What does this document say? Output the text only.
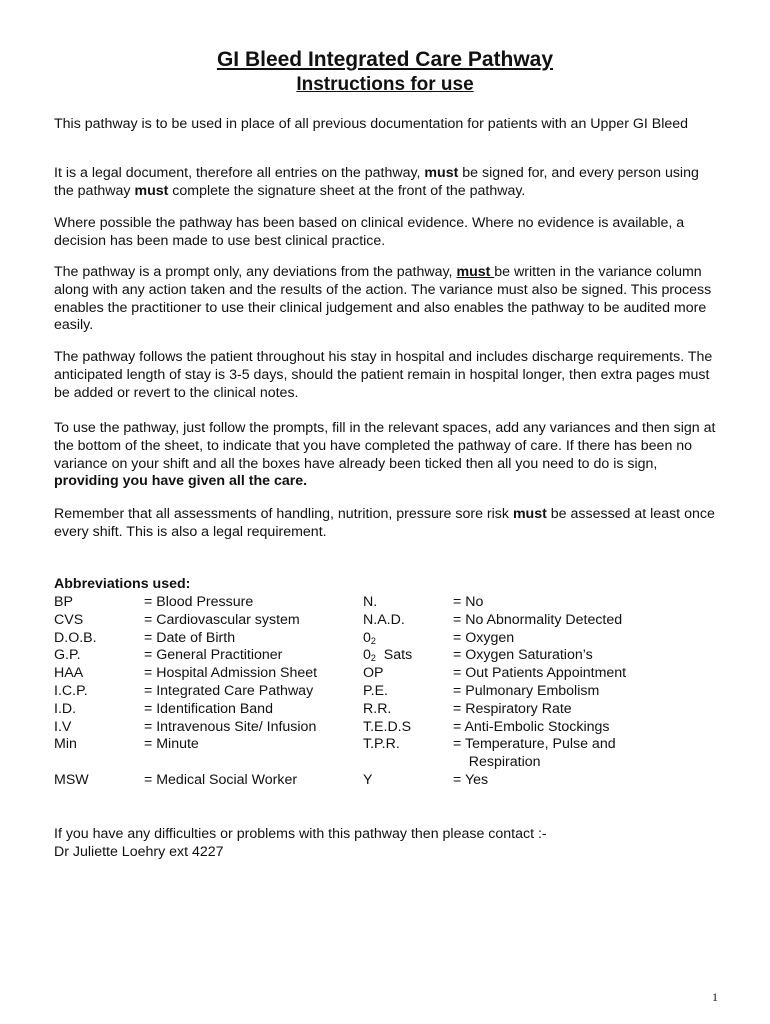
GI Bleed Integrated Care Pathway
Instructions for use

This pathway is to be used in place of all previous documentation for patients with an Upper GI Bleed

It is a legal document, therefore all entries on the pathway, must be signed for, and every person using the pathway must complete the signature sheet at the front of the pathway.

Where possible the pathway has been based on clinical evidence. Where no evidence is available, a decision has been made to use best clinical practice.

The pathway is a prompt only, any deviations from the pathway, must be written in the variance column along with any action taken and the results of the action. The variance must also be signed. This process enables the practitioner to use their clinical judgement and also enables the pathway to be audited more easily.

The pathway follows the patient throughout his stay in hospital and includes discharge requirements. The anticipated length of stay is 3-5 days, should the patient remain in hospital longer, then extra pages must be added or revert to the clinical notes.

To use the pathway, just follow the prompts, fill in the relevant spaces, add any variances and then sign at the bottom of the sheet, to indicate that you have completed the pathway of care. If there has been no variance on your shift and all the boxes have already been ticked then all you need to do is sign, providing you have given all the care.

Remember that all assessments of handling, nutrition, pressure sore risk must be assessed at least once every shift. This is also a legal requirement.

Abbreviations used:

BP	= Blood Pressure	N.	= No
CVS	= Cardiovascular system	N.A.D.	= No Abnormality Detected
D.O.B.	= Date of Birth	$0_2$	= Oxygen
G.P.	= General Practitioner	$0_2$  Sats	= Oxygen Saturation’s
HAA	= Hospital Admission Sheet	OP	= Out Patients Appointment
I.C.P.	= Integrated Care Pathway	P.E.	= Pulmonary Embolism
I.D.	= Identification Band	R.R.	= Respiratory Rate
I.V	= Intravenous Site/ Infusion	T.E.D.S	= Anti-Embolic Stockings
Min	= Minute	T.P.R.	= Temperature, Pulse and
Respiration
MSW	= Medical Social Worker	Y	= Yes
If you have any difficulties or problems with this pathway then please contact :-
Dr Juliette Loehry ext 4227
1
